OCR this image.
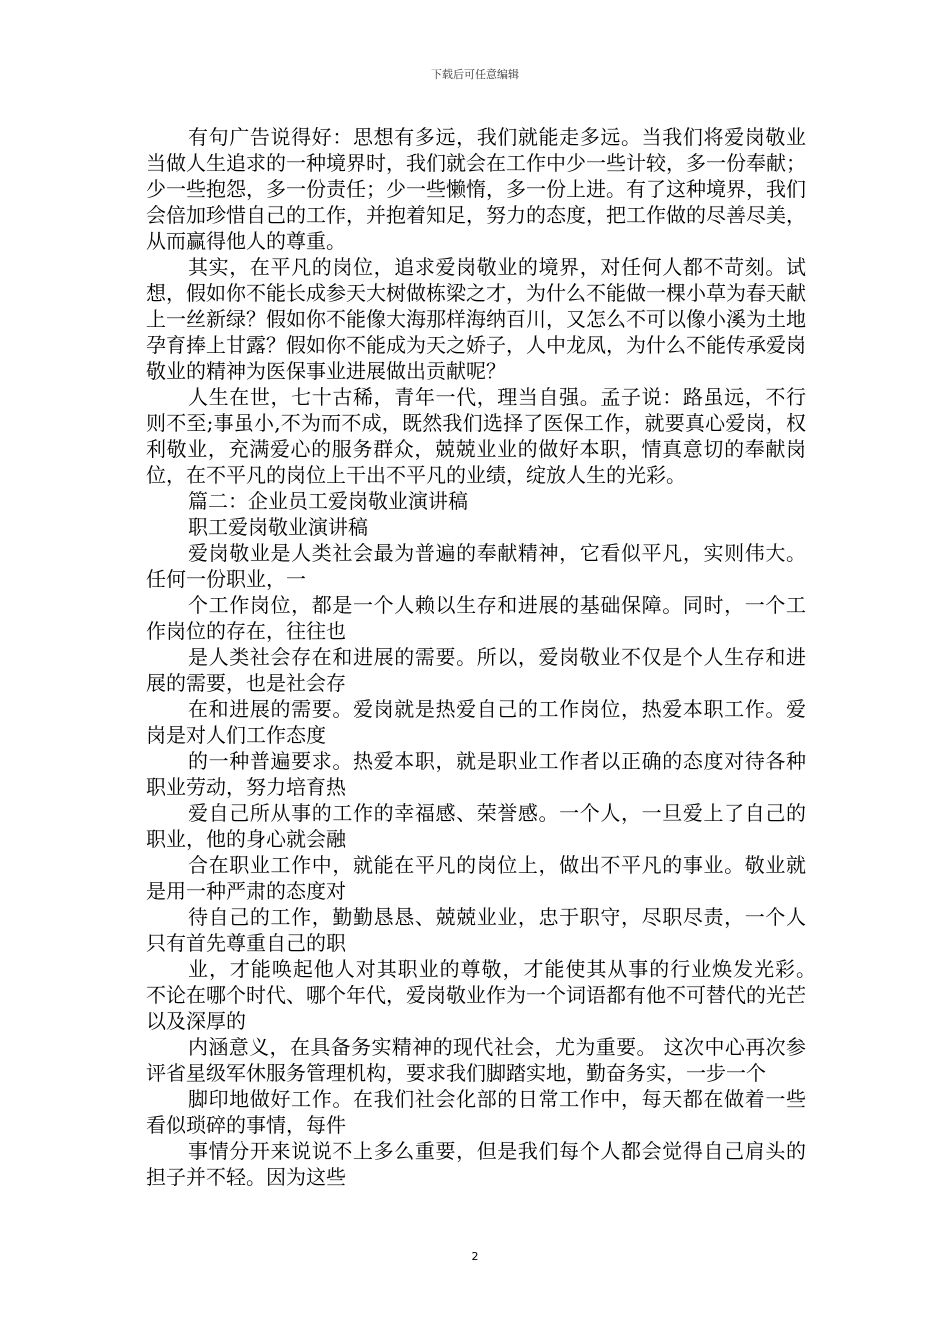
下载后可任意编辑

有句广告说得好：思想有多远，我们就能走多远。当我们将爱岗敬业当做人生追求的一种境界时，我们就会在工作中少一些计较，多一份奉献；少一些抱怨，多一份责任；少一些懒惰，多一份上进。有了这种境界，我们会倍加珍惜自己的工作，并抱着知足，努力的态度，把工作做的尽善尽美，从而赢得他人的尊重。

其实，在平凡的岗位，追求爱岗敬业的境界，对任何人都不苛刻。试想，假如你不能长成参天大树做栋梁之才，为什么不能做一棵小草为春天献上一丝新绿？假如你不能像大海那样海纳百川，又怎么不可以像小溪为土地孕育捧上甘露？假如你不能成为天之娇子，人中龙凤，为什么不能传承爱岗敬业的精神为医保事业进展做出贡献呢？

人生在世，七十古稀，青年一代，理当自强。孟子说：路虽远，不行则不至;事虽小,不为而不成，既然我们选择了医保工作，就要真心爱岗，权利敬业，充满爱心的服务群众，兢兢业业的做好本职，情真意切的奉献岗位，在不平凡的岗位上干出不平凡的业绩，绽放人生的光彩。

篇二：企业员工爱岗敬业演讲稿

职工爱岗敬业演讲稿

爱岗敬业是人类社会最为普遍的奉献精神，它看似平凡，实则伟大。任何一份职业，一

个工作岗位，都是一个人赖以生存和进展的基础保障。同时，一个工作岗位的存在，往往也

是人类社会存在和进展的需要。所以，爱岗敬业不仅是个人生存和进展的需要，也是社会存

在和进展的需要。爱岗就是热爱自己的工作岗位，热爱本职工作。爱岗是对人们工作态度

的一种普遍要求。热爱本职，就是职业工作者以正确的态度对待各种职业劳动，努力培育热

爱自己所从事的工作的幸福感、荣誉感。一个人，一旦爱上了自己的职业，他的身心就会融

合在职业工作中，就能在平凡的岗位上，做出不平凡的事业。敬业就是用一种严肃的态度对

待自己的工作，勤勤恳恳、兢兢业业，忠于职守，尽职尽责，一个人只有首先尊重自己的职

业，才能唤起他人对其职业的尊敬，才能使其从事的行业焕发光彩。　不论在哪个时代、哪个年代，爱岗敬业作为一个词语都有他不可替代的光芒以及深厚的

内涵意义，在具备务实精神的现代社会，尤为重要。 这次中心再次参评省星级军休服务管理机构，要求我们脚踏实地，勤奋务实，一步一个

脚印地做好工作。在我们社会化部的日常工作中，每天都在做着一些看似琐碎的事情，每件

事情分开来说说不上多么重要，但是我们每个人都会觉得自己肩头的担子并不轻。因为这些

2
